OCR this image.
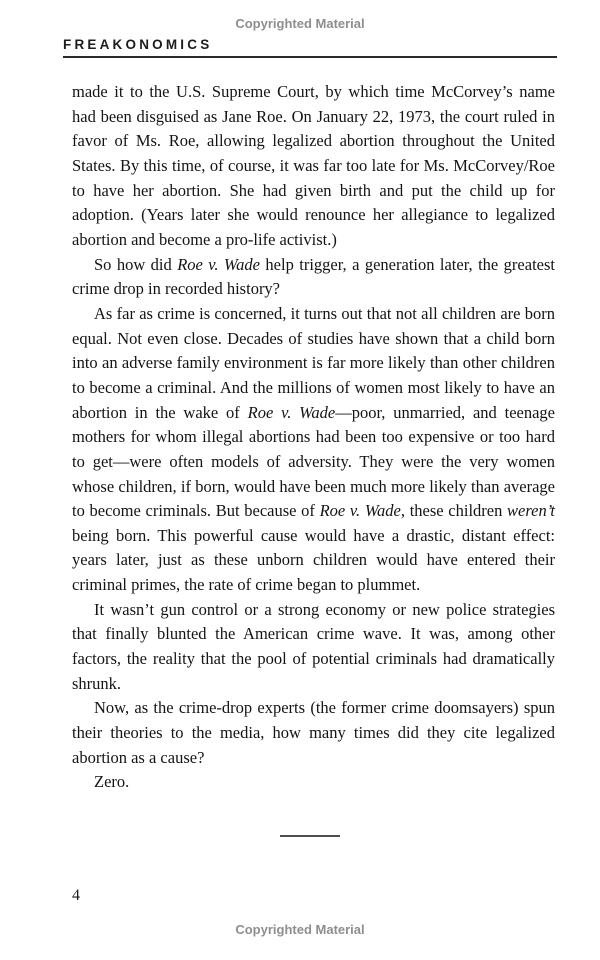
Copyrighted Material
FREAKONOMICS

made it to the U.S. Supreme Court, by which time McCorvey’s name had been disguised as Jane Roe. On January 22, 1973, the court ruled in favor of Ms. Roe, allowing legalized abortion throughout the United States. By this time, of course, it was far too late for Ms. McCorvey/Roe to have her abortion. She had given birth and put the child up for adoption. (Years later she would renounce her allegiance to legalized abortion and become a pro-life activist.)

So how did Roe v. Wade help trigger, a generation later, the greatest crime drop in recorded history?

As far as crime is concerned, it turns out that not all children are born equal. Not even close. Decades of studies have shown that a child born into an adverse family environment is far more likely than other children to become a criminal. And the millions of women most likely to have an abortion in the wake of Roe v. Wade—poor, unmarried, and teenage mothers for whom illegal abortions had been too expensive or too hard to get—were often models of adversity. They were the very women whose children, if born, would have been much more likely than average to become criminals. But because of Roe v. Wade, these children weren’t being born. This powerful cause would have a drastic, distant effect: years later, just as these unborn children would have entered their criminal primes, the rate of crime began to plummet.

It wasn’t gun control or a strong economy or new police strategies that finally blunted the American crime wave. It was, among other factors, the reality that the pool of potential criminals had dramatically shrunk.

Now, as the crime-drop experts (the former crime doomsayers) spun their theories to the media, how many times did they cite legalized abortion as a cause?

Zero.

4
Copyrighted Material
